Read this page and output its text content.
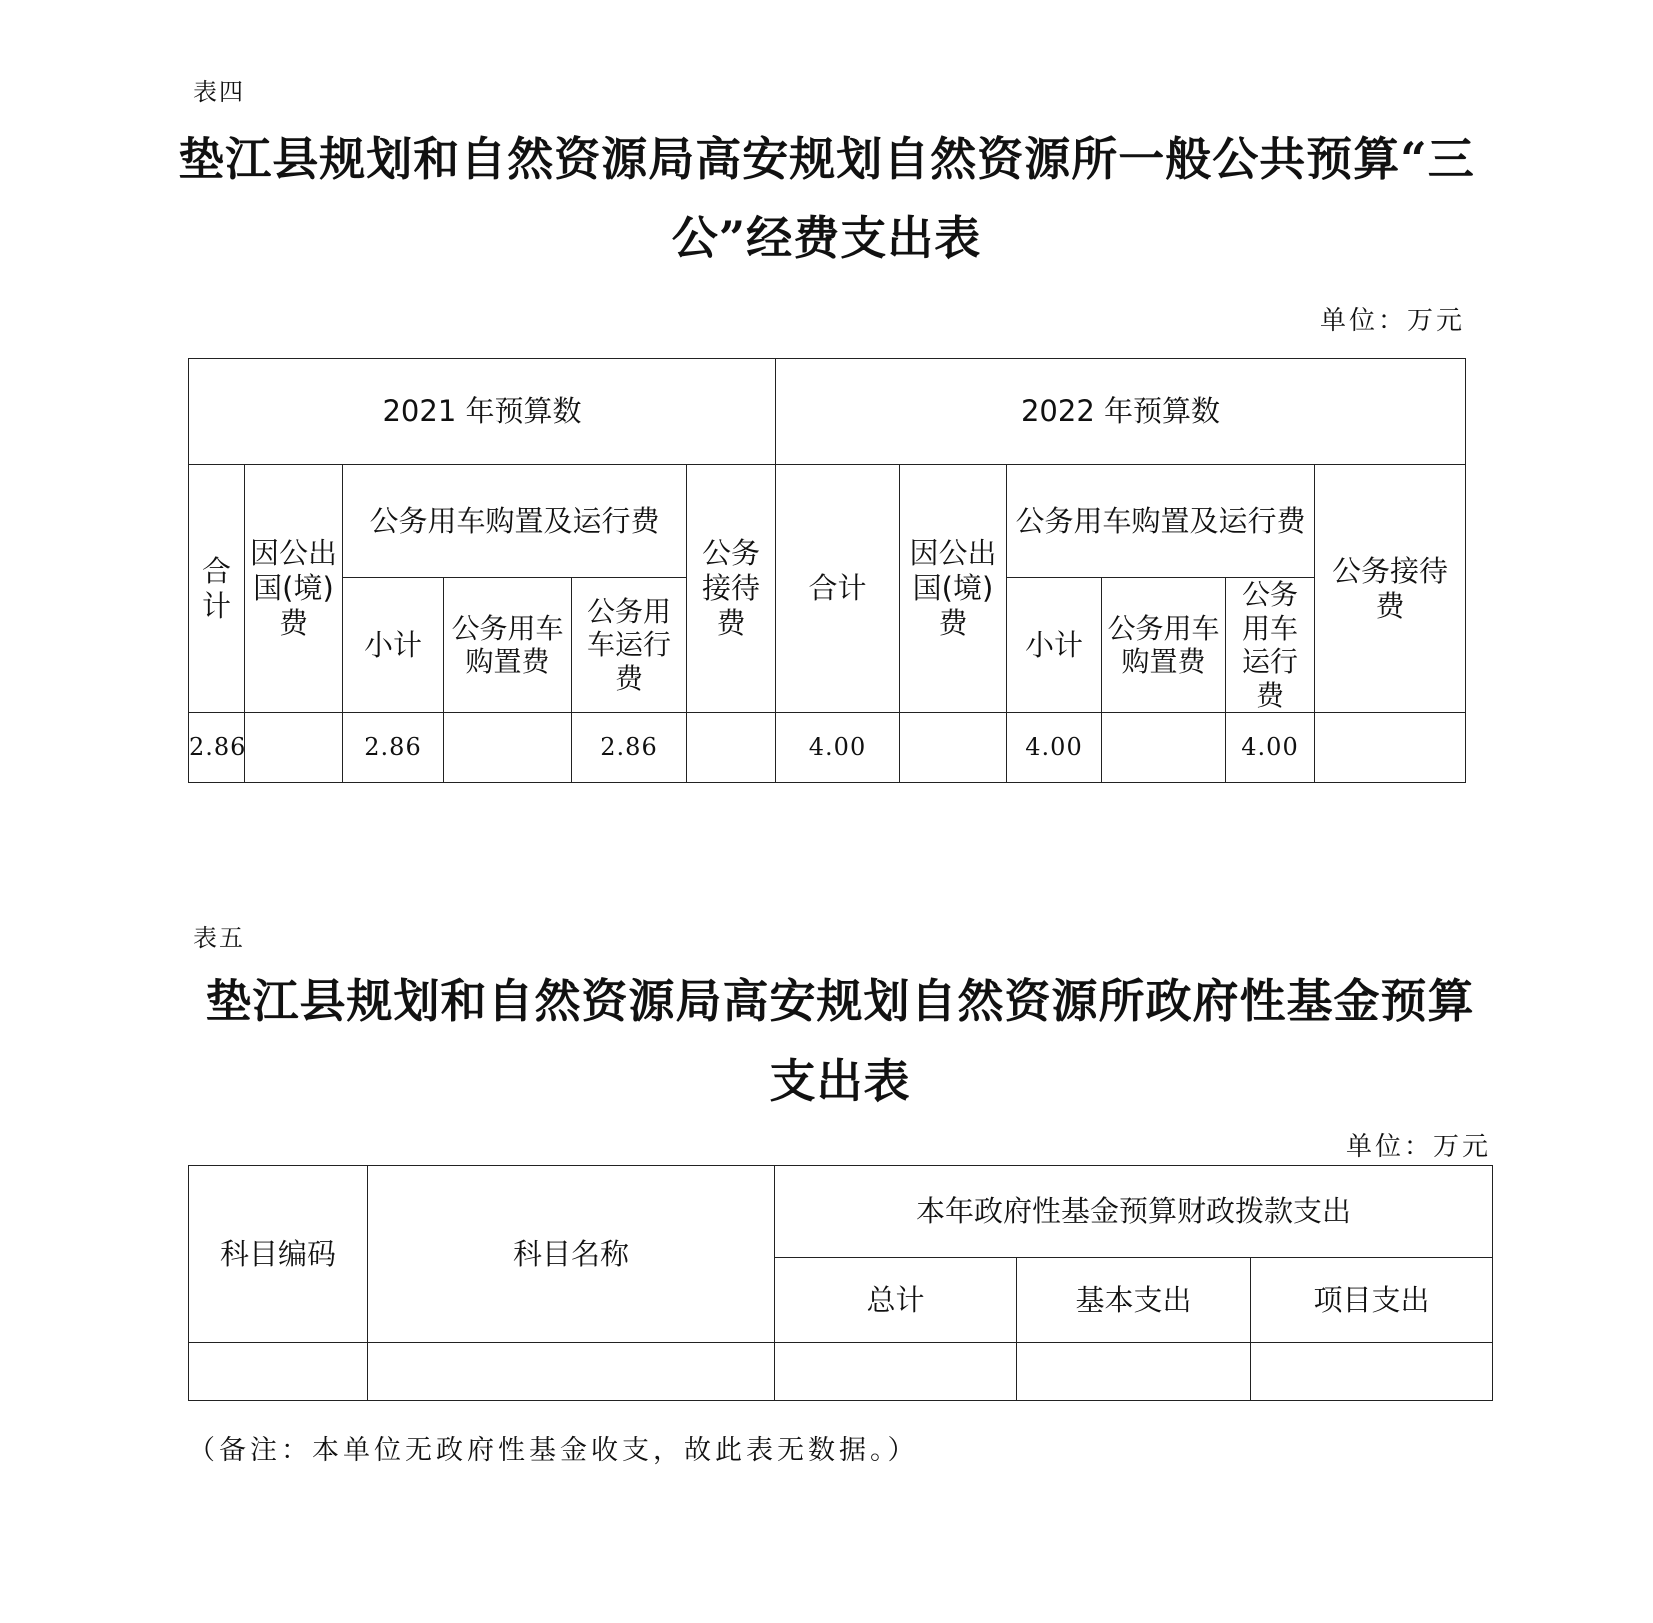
表四
垫江县规划和自然资源局高安规划自然资源所一般公共预算“三
公”经费支出表
单位：万元
2021 年预算数						2022 年预算数					
合计	因公出国(境)费	公务用车购置及运行费			公务接待费	合计	因公出国(境)费	公务用车购置及运行费			公务接待费
		小计	公务用车购置费	公务用车运行费				小计	公务用车购置费	公务用车运行费	
2.86		2.86		2.86		4.00		4.00		4.00	
表五
垫江县规划和自然资源局高安规划自然资源所政府性基金预算
支出表
单位：万元
科目编码	科目名称	本年政府性基金预算财政拨款支出		
		总计	基本支出	项目支出

（备注：本单位无政府性基金收支，故此表无数据。）
